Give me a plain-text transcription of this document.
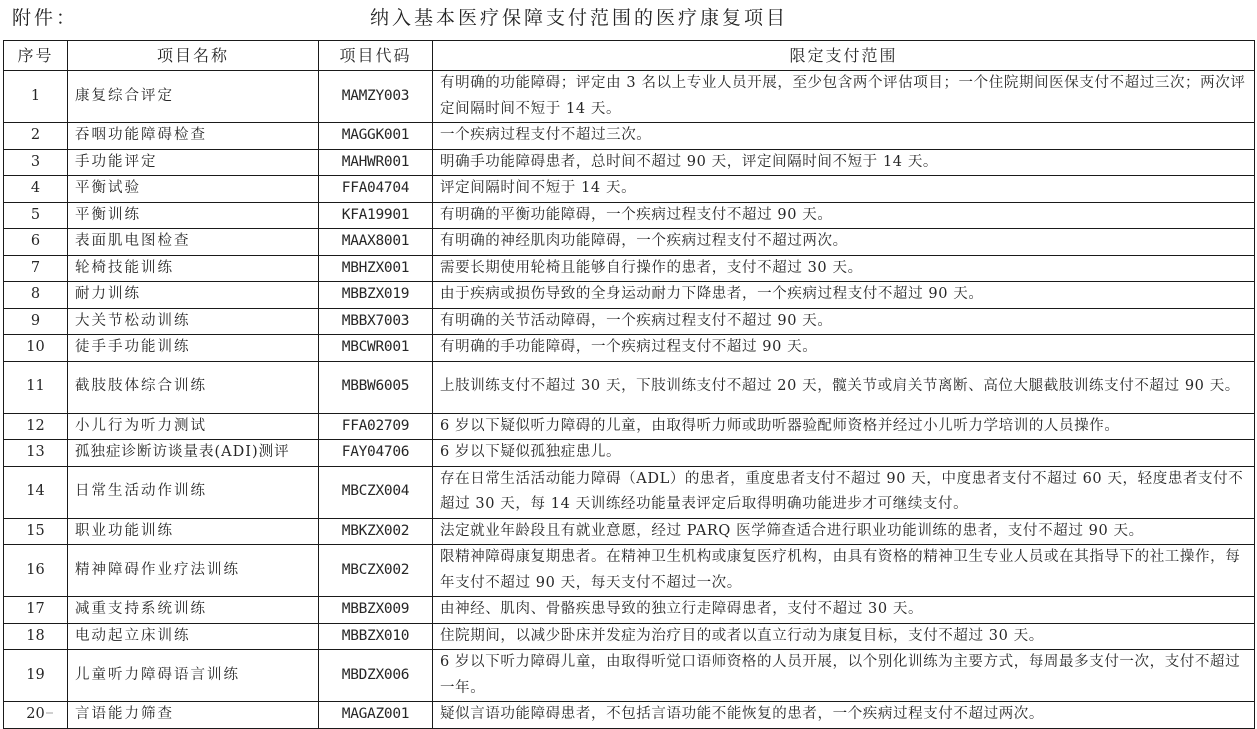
附件：	纳入基本医疗保障支付范围的医疗康复项目
序号	项目名称	项目代码	限定支付范围
1	康复综合评定	MAMZY003	有明确的功能障碍；评定由 3 名以上专业人员开展，至少包含两个评估项目；一个住院期间医保支付不超过三次；两次评定间隔时间不短于 14 天。
2	吞咽功能障碍检查	MAGGK001	一个疾病过程支付不超过三次。
3	手功能评定	MAHWR001	明确手功能障碍患者，总时间不超过 90 天，评定间隔时间不短于 14 天。
4	平衡试验	FFA04704	评定间隔时间不短于 14 天。
5	平衡训练	KFA19901	有明确的平衡功能障碍，一个疾病过程支付不超过 90 天。
6	表面肌电图检查	MAAX8001	有明确的神经肌肉功能障碍，一个疾病过程支付不超过两次。
7	轮椅技能训练	MBHZX001	需要长期使用轮椅且能够自行操作的患者，支付不超过 30 天。
8	耐力训练	MBBZX019	由于疾病或损伤导致的全身运动耐力下降患者，一个疾病过程支付不超过 90 天。
9	大关节松动训练	MBBX7003	有明确的关节活动障碍，一个疾病过程支付不超过 90 天。
10	徒手手功能训练	MBCWR001	有明确的手功能障碍，一个疾病过程支付不超过 90 天。
11	截肢肢体综合训练	MBBW6005	上肢训练支付不超过 30 天，下肢训练支付不超过 20 天，髋关节或肩关节离断、高位大腿截肢训练支付不超过 90 天。
12	小儿行为听力测试	FFA02709	6 岁以下疑似听力障碍的儿童，由取得听力师或助听器验配师资格并经过小儿听力学培训的人员操作。
13	孤独症诊断访谈量表(ADI)测评	FAY04706	6 岁以下疑似孤独症患儿。
14	日常生活动作训练	MBCZX004	存在日常生活活动能力障碍（ADL）的患者，重度患者支付不超过 90 天，中度患者支付不超过 60 天，轻度患者支付不超过 30 天，每 14 天训练经功能量表评定后取得明确功能进步才可继续支付。
15	职业功能训练	MBKZX002	法定就业年龄段且有就业意愿，经过 PARQ 医学筛查适合进行职业功能训练的患者，支付不超过 90 天。
16	精神障碍作业疗法训练	MBCZX002	限精神障碍康复期患者。在精神卫生机构或康复医疗机构，由具有资格的精神卫生专业人员或在其指导下的社工操作，每年支付不超过 90 天，每天支付不超过一次。
17	减重支持系统训练	MBBZX009	由神经、肌肉、骨骼疾患导致的独立行走障碍患者，支付不超过 30 天。
18	电动起立床训练	MBBZX010	住院期间，以减少卧床并发症为治疗目的或者以直立行动为康复目标，支付不超过 30 天。
19	儿童听力障碍语言训练	MBDZX006	6 岁以下听力障碍儿童，由取得听觉口语师资格的人员开展，以个别化训练为主要方式，每周最多支付一次，支付不超过一年。
20	言语能力筛查	MAGAZ001	疑似言语功能障碍患者，不包括言语功能不能恢复的患者，一个疾病过程支付不超过两次。
